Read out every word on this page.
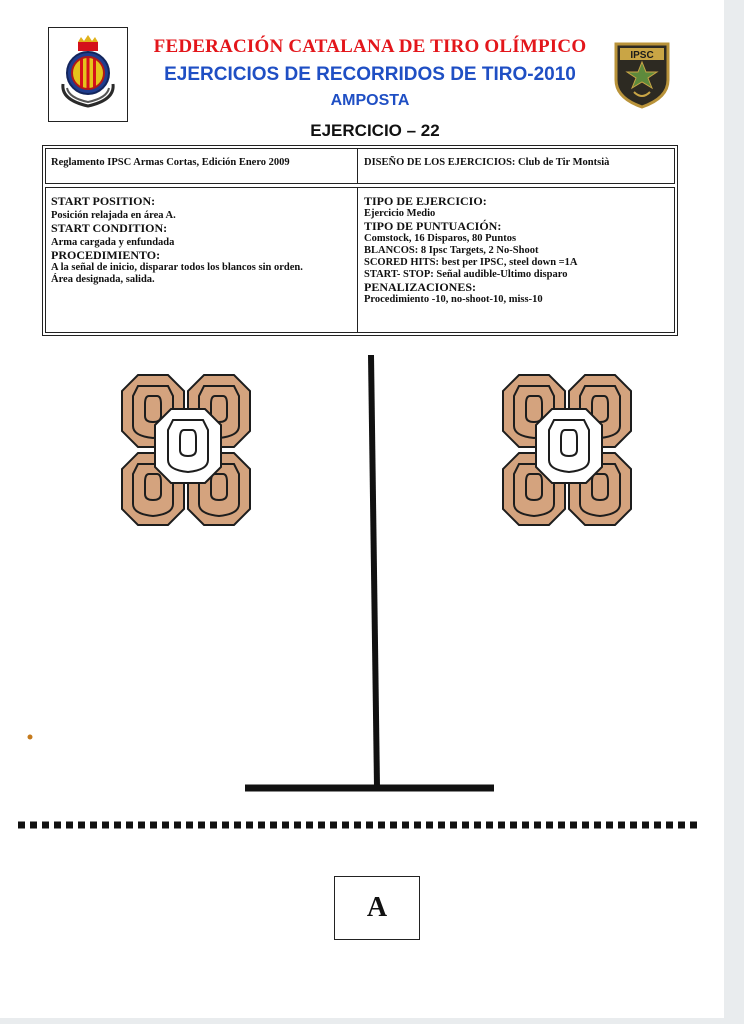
FEDERACIÓN CATALANA DE TIRO OLÍMPICO
EJERCICIOS DE RECORRIDOS DE TIRO-2010
AMPOSTA
IPSC
EJERCICIO – 22
Reglamento IPSC Armas Cortas, Edición Enero 2009	DISEÑO DE LOS EJERCICIOS: Club de Tir Montsià
START POSITION:
Posición relajada en área A.
START CONDITION:
Arma cargada y enfundada
PROCEDIMIENTO:
A la señal de inicio, disparar todos los blancos sin orden.
Área designada, salida.
TIPO DE EJERCICIO:
Ejercicio Medio
TIPO DE PUNTUACIÓN:
Comstock, 16 Disparos, 80 Puntos
BLANCOS: 8 Ipsc Targets, 2 No-Shoot
SCORED HITS: best per IPSC, steel down =1A
START- STOP: Señal audible-Ultimo disparo
PENALIZACIONES:
Procedimiento -10, no-shoot-10, miss-10
A
